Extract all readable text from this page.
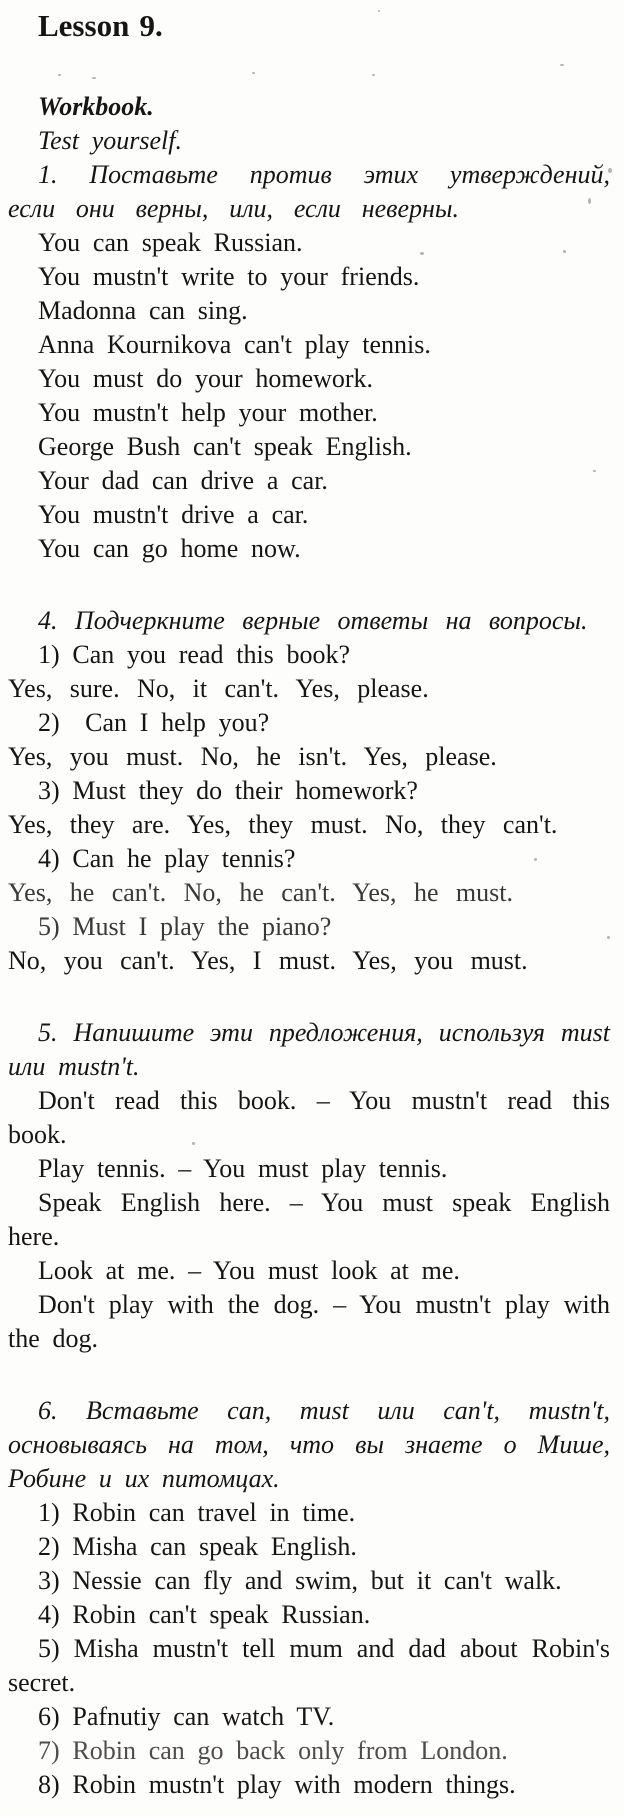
Lesson 9.

Workbook.

Test yourself.

1. Поставьте против этих утверждений, если они верны, или, если неверны.

You can speak Russian.

You mustn't write to your friends.

Madonna can sing.

Anna Kournikova can't play tennis.

You must do your homework.

You mustn't help your mother.

George Bush can't speak English.

Your dad can drive a car.

You mustn't drive a car.

You can go home now.

4. Подчеркните верные ответы на вопросы.

1) Can you read this book?

Yes, sure. No, it can't. Yes, please.

2)  Can I help you?

Yes, you must. No, he isn't. Yes, please.

3) Must they do their homework?

Yes, they are. Yes, they must. No, they can't.

4) Can he play tennis?

Yes, he can't. No, he can't. Yes, he must.

5) Must I play the piano?

No, you can't. Yes, I must. Yes, you must.

5. Напишите эти предложения, используя must или mustn't.

Don't read this book. – You mustn't read this book.

Play tennis. – You must play tennis.

Speak English here. – You must speak English here.

Look at me. – You must look at me.

Don't play with the dog. – You mustn't play with the dog.

6. Вставьте can, must или can't, mustn't, основываясь на том, что вы знаете о Мише, Робине и их питомцах.

1) Robin can travel in time.

2) Misha can speak English.

3) Nessie can fly and swim, but it can't walk.

4) Robin can't speak Russian.

5) Misha mustn't tell mum and dad about Robin's secret.

6) Pafnutiy can watch TV.

7) Robin can go back only from London.

8) Robin mustn't play with modern things.
